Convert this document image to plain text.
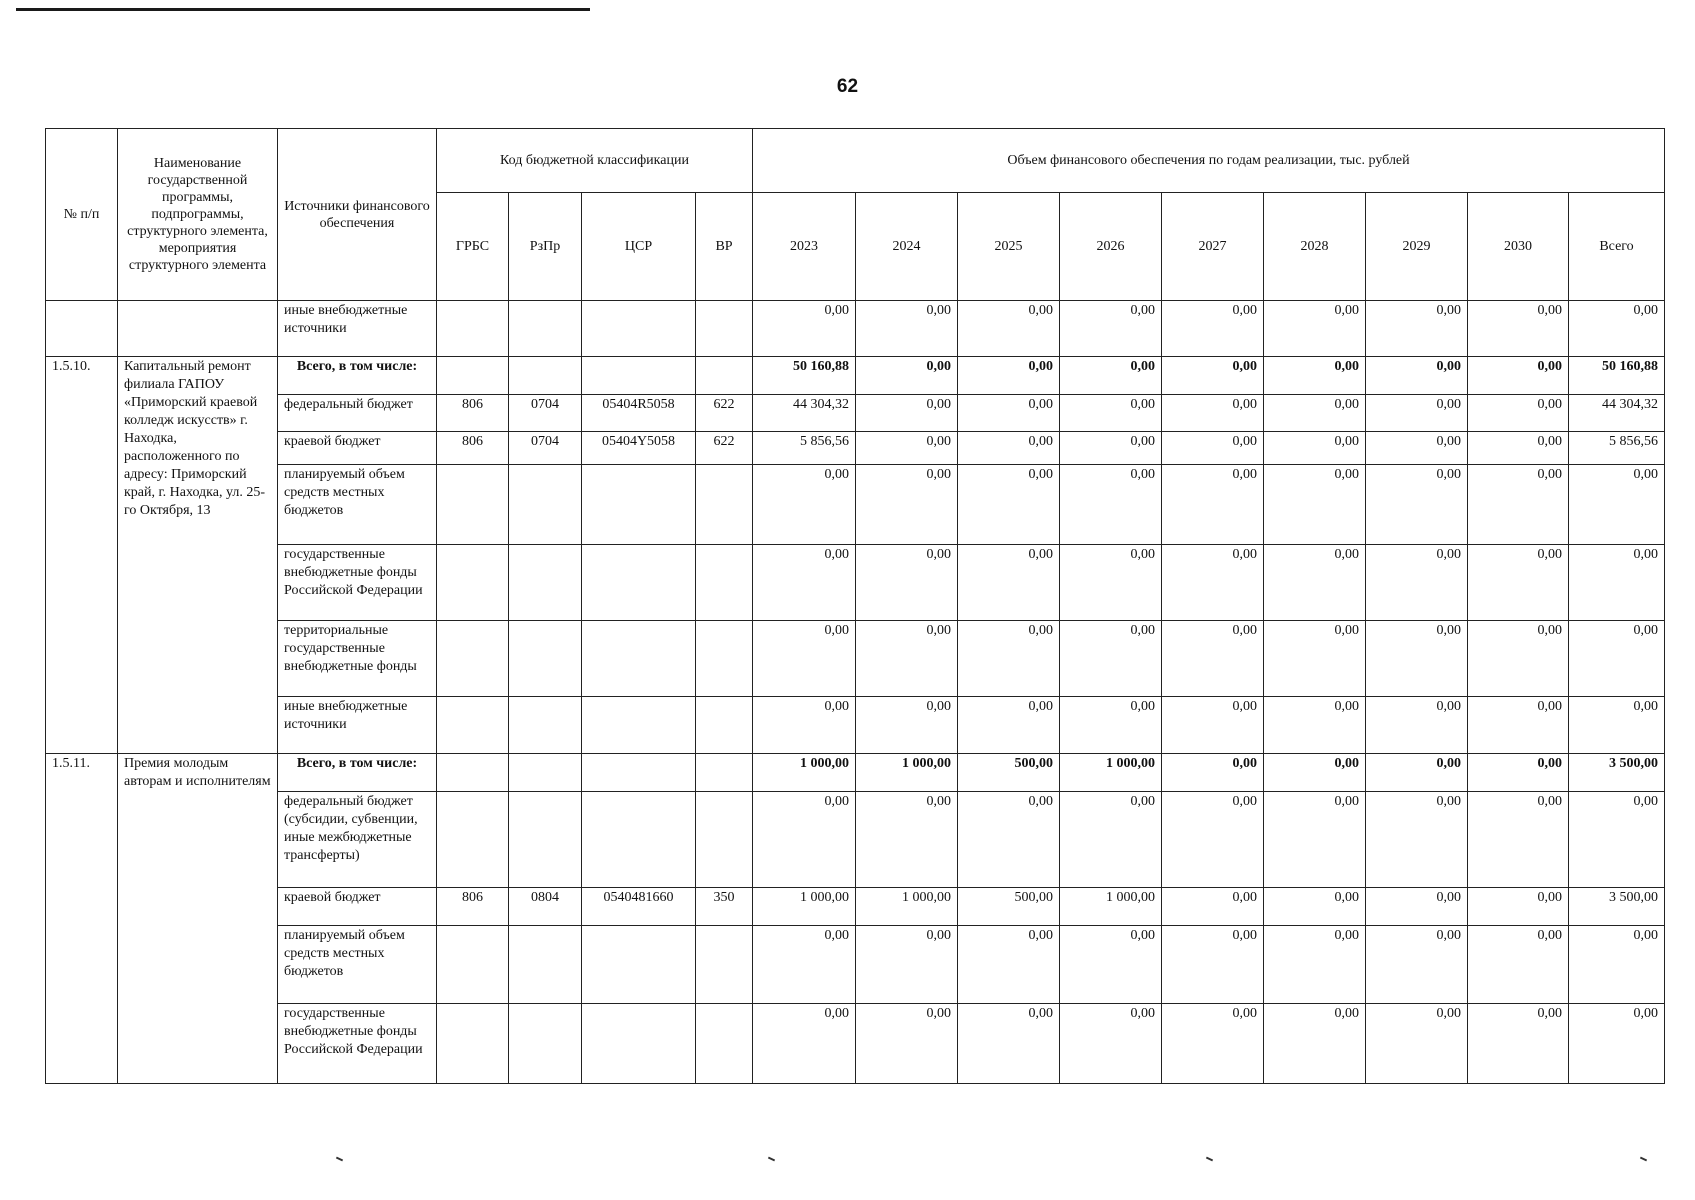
62
№ п/п	Наименование государственной программы, подпрограммы, структурного элемента, мероприятия структурного элемента	Источники финансового обеспечения	Код бюджетной классификации				Объем финансового обеспечения по годам реализации, тыс. рублей								
			ГРБС	РзПр	ЦСР	ВР	2023	2024	2025	2026	2027	2028	2029	2030	Всего
		иные внебюджетные источники					0,00	0,00	0,00	0,00	0,00	0,00	0,00	0,00	0,00
1.5.10.	Капитальный ремонт филиала ГАПОУ «Приморский краевой колледж искусств» г. Находка, расположенного по адресу: Приморский край, г. Находка, ул. 25-го Октября, 13	Всего, в том числе:					50 160,88	0,00	0,00	0,00	0,00	0,00	0,00	0,00	50 160,88
		федеральный бюджет	806	0704	05404R5058	622	44 304,32	0,00	0,00	0,00	0,00	0,00	0,00	0,00	44 304,32
		краевой бюджет	806	0704	05404Y5058	622	5 856,56	0,00	0,00	0,00	0,00	0,00	0,00	0,00	5 856,56
		планируемый объем средств местных бюджетов					0,00	0,00	0,00	0,00	0,00	0,00	0,00	0,00	0,00
		государственные внебюджетные фонды Российской Федерации					0,00	0,00	0,00	0,00	0,00	0,00	0,00	0,00	0,00
		территориальные государственные внебюджетные фонды					0,00	0,00	0,00	0,00	0,00	0,00	0,00	0,00	0,00
		иные внебюджетные источники					0,00	0,00	0,00	0,00	0,00	0,00	0,00	0,00	0,00
1.5.11.	Премия молодым авторам и исполнителям	Всего, в том числе:					1 000,00	1 000,00	500,00	1 000,00	0,00	0,00	0,00	0,00	3 500,00
		федеральный бюджет (субсидии, субвенции, иные межбюджетные трансферты)					0,00	0,00	0,00	0,00	0,00	0,00	0,00	0,00	0,00
		краевой бюджет	806	0804	0540481660	350	1 000,00	1 000,00	500,00	1 000,00	0,00	0,00	0,00	0,00	3 500,00
		планируемый объем средств местных бюджетов					0,00	0,00	0,00	0,00	0,00	0,00	0,00	0,00	0,00
		государственные внебюджетные фонды Российской Федерации					0,00	0,00	0,00	0,00	0,00	0,00	0,00	0,00	0,00
